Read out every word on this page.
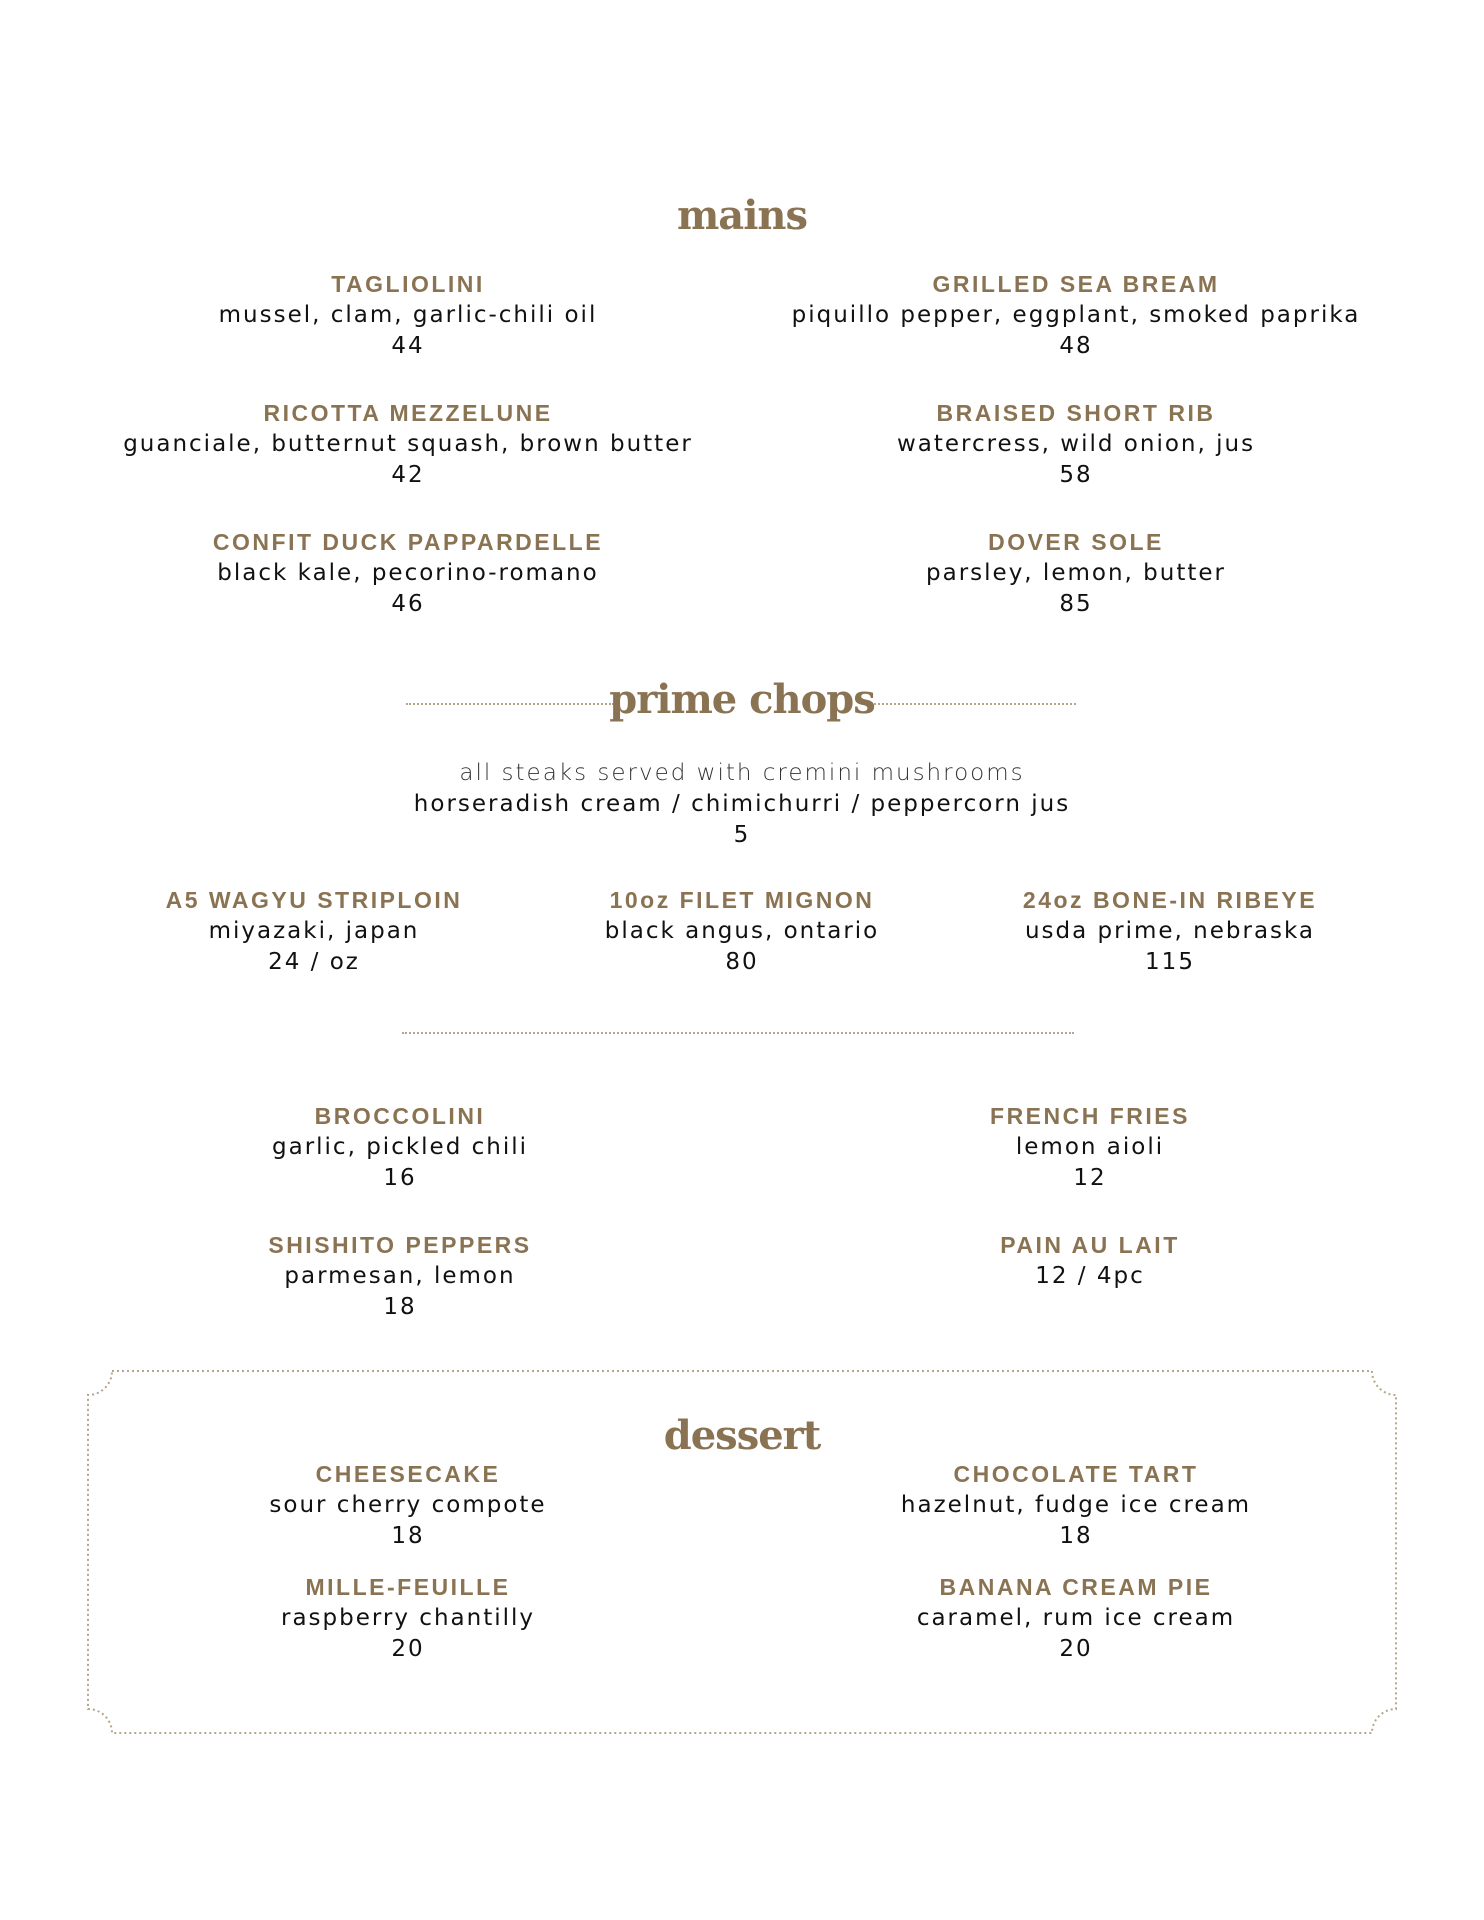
mains
TAGLIOLINI
mussel, clam, garlic-chili oil
44
RICOTTA MEZZELUNE
guanciale, butternut squash, brown butter
42
CONFIT DUCK PAPPARDELLE
black kale, pecorino-romano
46
GRILLED SEA BREAM
piquillo pepper, eggplant, smoked paprika
48
BRAISED SHORT RIB
watercress, wild onion, jus
58
DOVER SOLE
parsley, lemon, butter
85
prime chops
all steaks served with cremini mushrooms
horseradish cream / chimichurri / peppercorn jus
5
A5 WAGYU STRIPLOIN
miyazaki, japan
24 / oz
10oz FILET MIGNON
black angus, ontario
80
24oz BONE-IN RIBEYE
usda prime, nebraska
115
BROCCOLINI
garlic, pickled chili
16
SHISHITO PEPPERS
parmesan, lemon
18
FRENCH FRIES
lemon aioli
12
PAIN AU LAIT
12 / 4pc
dessert
CHEESECAKE
sour cherry compote
18
MILLE-FEUILLE
raspberry chantilly
20
CHOCOLATE TART
hazelnut, fudge ice cream
18
BANANA CREAM PIE
caramel, rum ice cream
20
